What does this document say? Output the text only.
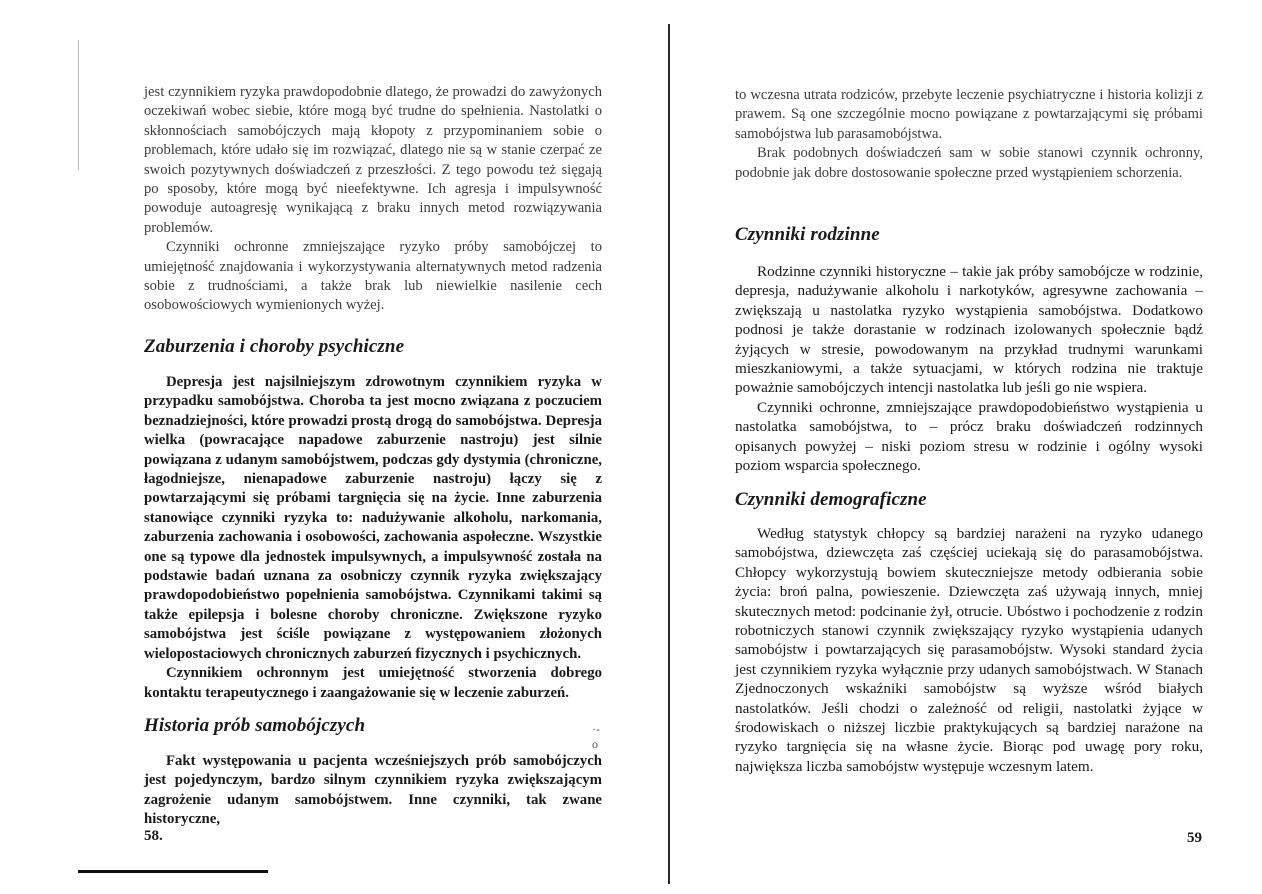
jest czynnikiem ryzyka prawdopodobnie dlatego, że prowadzi do zawyżonych oczekiwań wobec siebie, które mogą być trudne do spełnienia. Nastolatki o skłonnościach samobójczych mają kłopoty z przypominaniem sobie o problemach, które udało się im rozwiązać, dlatego nie są w stanie czerpać ze swoich pozytywnych doświadczeń z przeszłości. Z tego powodu też sięgają po sposoby, które mogą być nieefektywne. Ich agresja i impulsywność powoduje autoagresję wynikającą z braku innych metod rozwiązywania problemów.

Czynniki ochronne zmniejszające ryzyko próby samobójczej to umiejętność znajdowania i wykorzystywania alternatywnych metod radzenia sobie z trudnościami, a także brak lub niewielkie nasilenie cech osobowościowych wymienionych wyżej.

Zaburzenia i choroby psychiczne

Depresja jest najsilniejszym zdrowotnym czynnikiem ryzyka w przypadku samobójstwa. Choroba ta jest mocno związana z poczuciem beznadziejności, które prowadzi prostą drogą do samobójstwa. Depresja wielka (powracające napadowe zaburzenie nastroju) jest silnie powiązana z udanym samobójstwem, podczas gdy dystymia (chroniczne, łagodniejsze, nienapadowe zaburzenie nastroju) łączy się z powtarzającymi się próbami targnięcia się na życie. Inne zaburzenia stanowiące czynniki ryzyka to: nadużywanie alkoholu, narkomania, zaburzenia zachowania i osobowości, zachowania aspołeczne. Wszystkie one są typowe dla jednostek impulsywnych, a impulsywność została na podstawie badań uznana za osobniczy czynnik ryzyka zwiększający prawdopodobieństwo popełnienia samobójstwa. Czynnikami takimi są także epilepsja i bolesne choroby chroniczne. Zwiększone ryzyko samobójstwa jest ściśle powiązane z występowaniem złożonych wielopostaciowych chronicznych zaburzeń fizycznych i psychicznych.

Czynnikiem ochronnym jest umiejętność stworzenia dobrego kontaktu terapeutycznego i zaangażowanie się w leczenie zaburzeń.

Historia prób samobójczych	·-o

Fakt występowania u pacjenta wcześniejszych prób samobójczych jest pojedynczym, bardzo silnym czynnikiem ryzyka zwiększającym zagrożenie udanym samobójstwem. Inne czynniki, tak zwane historyczne,

58.

to wczesna utrata rodziców, przebyte leczenie psychiatryczne i historia kolizji z prawem. Są one szczególnie mocno powiązane z powtarzającymi się próbami samobójstwa lub parasamobójstwa.

Brak podobnych doświadczeń sam w sobie stanowi czynnik ochronny, podobnie jak dobre dostosowanie społeczne przed wystąpieniem schorzenia.

Czynniki rodzinne

Rodzinne czynniki historyczne – takie jak próby samobójcze w rodzinie, depresja, nadużywanie alkoholu i narkotyków, agresywne zachowania – zwiększają u nastolatka ryzyko wystąpienia samobójstwa. Dodatkowo podnosi je także dorastanie w rodzinach izolowanych społecznie bądź żyjących w stresie, powodowanym na przykład trudnymi warunkami mieszkaniowymi, a także sytuacjami, w których rodzina nie traktuje poważnie samobójczych intencji nastolatka lub jeśli go nie wspiera.

Czynniki ochronne, zmniejszające prawdopodobieństwo wystąpienia u nastolatka samobójstwa, to – prócz braku doświadczeń rodzinnych opisanych powyżej – niski poziom stresu w rodzinie i ogólny wysoki poziom wsparcia społecznego.

Czynniki demograficzne

Według statystyk chłopcy są bardziej narażeni na ryzyko udanego samobójstwa, dziewczęta zaś częściej uciekają się do parasamobójstwa. Chłopcy wykorzystują bowiem skuteczniejsze metody odbierania sobie życia: broń palna, powieszenie. Dziewczęta zaś używają innych, mniej skutecznych metod: podcinanie żył, otrucie. Ubóstwo i pochodzenie z rodzin robotniczych stanowi czynnik zwiększający ryzyko wystąpienia udanych samobójstw i powtarzających się parasamobójstw. Wysoki standard życia jest czynnikiem ryzyka wyłącznie przy udanych samobójstwach. W Stanach Zjednoczonych wskaźniki samobójstw są wyższe wśród białych nastolatków. Jeśli chodzi o zależność od religii, nastolatki żyjące w środowiskach o niższej liczbie praktykujących są bardziej narażone na ryzyko targnięcia się na własne życie. Biorąc pod uwagę pory roku, największa liczba samobójstw występuje wczesnym latem.

59
